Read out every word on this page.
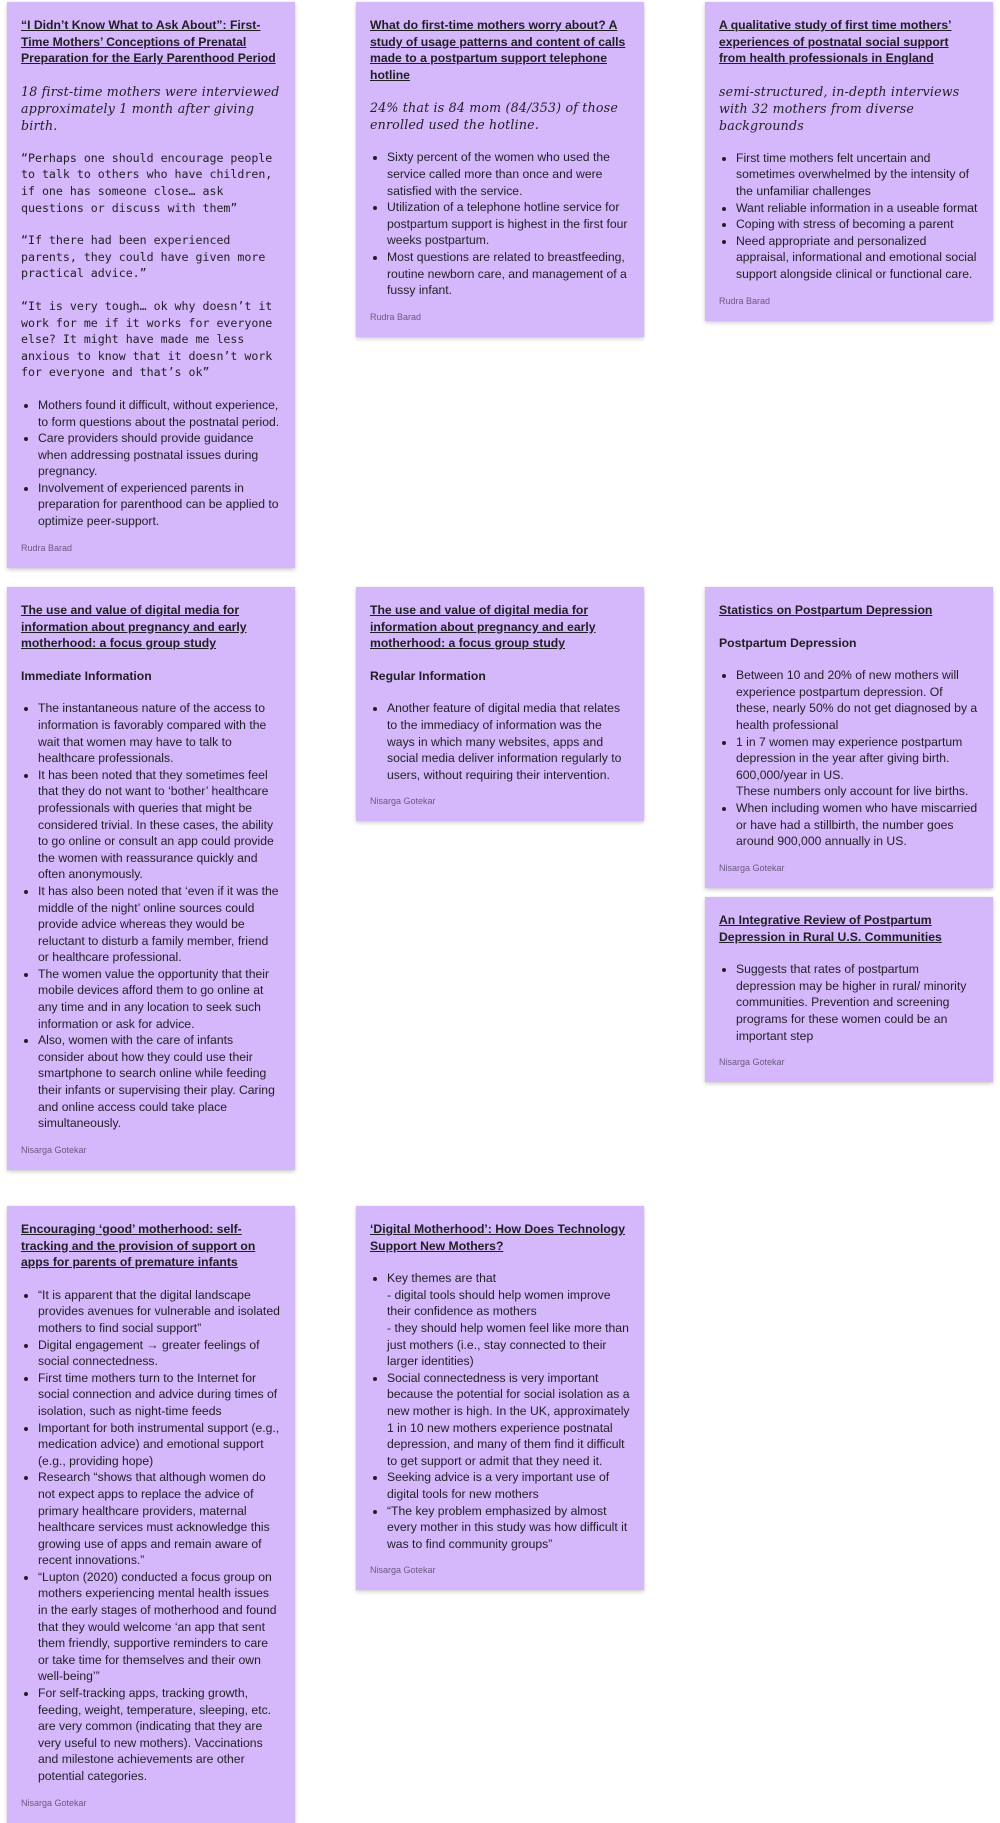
“I Didn’t Know What to Ask About”: First-Time Mothers’ Conceptions of Prenatal Preparation for the Early Parenthood Period
18 first-time mothers were interviewed approximately 1 month after giving birth.
“Perhaps one should encourage people to talk to others who have children, if one has someone close… ask questions or discuss with them”
“If there had been experienced parents, they could have given more practical advice.”
“It is very tough… ok why doesn’t it work for me if it works for everyone else? It might have made me less anxious to know that it doesn’t work for everyone and that’s ok”
• Mothers found it difficult, without experience, to form questions about the postnatal period.
• Care providers should provide guidance when addressing postnatal issues during pregnancy.
• Involvement of experienced parents in preparation for parenthood can be applied to optimize peer-support.
Rudra Barad
What do first-time mothers worry about? A study of usage patterns and content of calls made to a postpartum support telephone hotline
24% that is 84 mom (84/353) of those enrolled used the hotline.
• Sixty percent of the women who used the service called more than once and were satisfied with the service.
• Utilization of a telephone hotline service for postpartum support is highest in the first four weeks postpartum.
• Most questions are related to breastfeeding, routine newborn care, and management of a fussy infant.
Rudra Barad
A qualitative study of first time mothers’ experiences of postnatal social support from health professionals in England
semi-structured, in-depth interviews with 32 mothers from diverse backgrounds
• First time mothers felt uncertain and sometimes overwhelmed by the intensity of the unfamiliar challenges
• Want reliable information in a useable format
• Coping with stress of becoming a parent
• Need appropriate and personalized appraisal, informational and emotional social support alongside clinical or functional care.
Rudra Barad
The use and value of digital media for information about pregnancy and early motherhood: a focus group study
Immediate Information
• The instantaneous nature of the access to information is favorably compared with the wait that women may have to talk to healthcare professionals.
• It has been noted that they sometimes feel that they do not want to ‘bother’ healthcare professionals with queries that might be considered trivial. In these cases, the ability to go online or consult an app could provide the women with reassurance quickly and often anonymously.
• It has also been noted that ‘even if it was the middle of the night’ online sources could provide advice whereas they would be reluctant to disturb a family member, friend or healthcare professional.
• The women value the opportunity that their mobile devices afford them to go online at any time and in any location to seek such information or ask for advice.
• Also, women with the care of infants consider about how they could use their smartphone to search online while feeding their infants or supervising their play. Caring and online access could take place simultaneously.
Nisarga Gotekar
The use and value of digital media for information about pregnancy and early motherhood: a focus group study
Regular Information
• Another feature of digital media that relates to the immediacy of information was the ways in which many websites, apps and social media deliver information regularly to users, without requiring their intervention.
Nisarga Gotekar
Statistics on Postpartum Depression
Postpartum Depression
• Between 10 and 20% of new mothers will experience postpartum depression. Of these, nearly 50% do not get diagnosed by a health professional
• 1 in 7 women may experience postpartum depression in the year after giving birth.
600,000/year in US.
These numbers only account for live births.
• When including women who have miscarried or have had a stillbirth, the number goes around 900,000 annually in US.
Nisarga Gotekar
An Integrative Review of Postpartum Depression in Rural U.S. Communities
• Suggests that rates of postpartum depression may be higher in rural/ minority communities. Prevention and screening programs for these women could be an important step
Nisarga Gotekar
Encouraging ‘good’ motherhood: self-tracking and the provision of support on apps for parents of premature infants
• “It is apparent that the digital landscape provides avenues for vulnerable and isolated mothers to find social support”
• Digital engagement → greater feelings of social connectedness.
• First time mothers turn to the Internet for social connection and advice during times of isolation, such as night-time feeds
• Important for both instrumental support (e.g., medication advice) and emotional support (e.g., providing hope)
• Research “shows that although women do not expect apps to replace the advice of primary healthcare providers, maternal healthcare services must acknowledge this growing use of apps and remain aware of recent innovations.”
• “Lupton (2020) conducted a focus group on mothers experiencing mental health issues in the early stages of motherhood and found that they would welcome ‘an app that sent them friendly, supportive reminders to care or take time for themselves and their own well-being’”
• For self-tracking apps, tracking growth, feeding, weight, temperature, sleeping, etc. are very common (indicating that they are very useful to new mothers). Vaccinations and milestone achievements are other potential categories.
Nisarga Gotekar
‘Digital Motherhood’: How Does Technology Support New Mothers?
• Key themes are that
- digital tools should help women improve their confidence as mothers
- they should help women feel like more than just mothers (i.e., stay connected to their larger identities)
• Social connectedness is very important because the potential for social isolation as a new mother is high. In the UK, approximately 1 in 10 new mothers experience postnatal depression, and many of them find it difficult to get support or admit that they need it.
• Seeking advice is a very important use of digital tools for new mothers
• “The key problem emphasized by almost every mother in this study was how difficult it was to find community groups”
Nisarga Gotekar
